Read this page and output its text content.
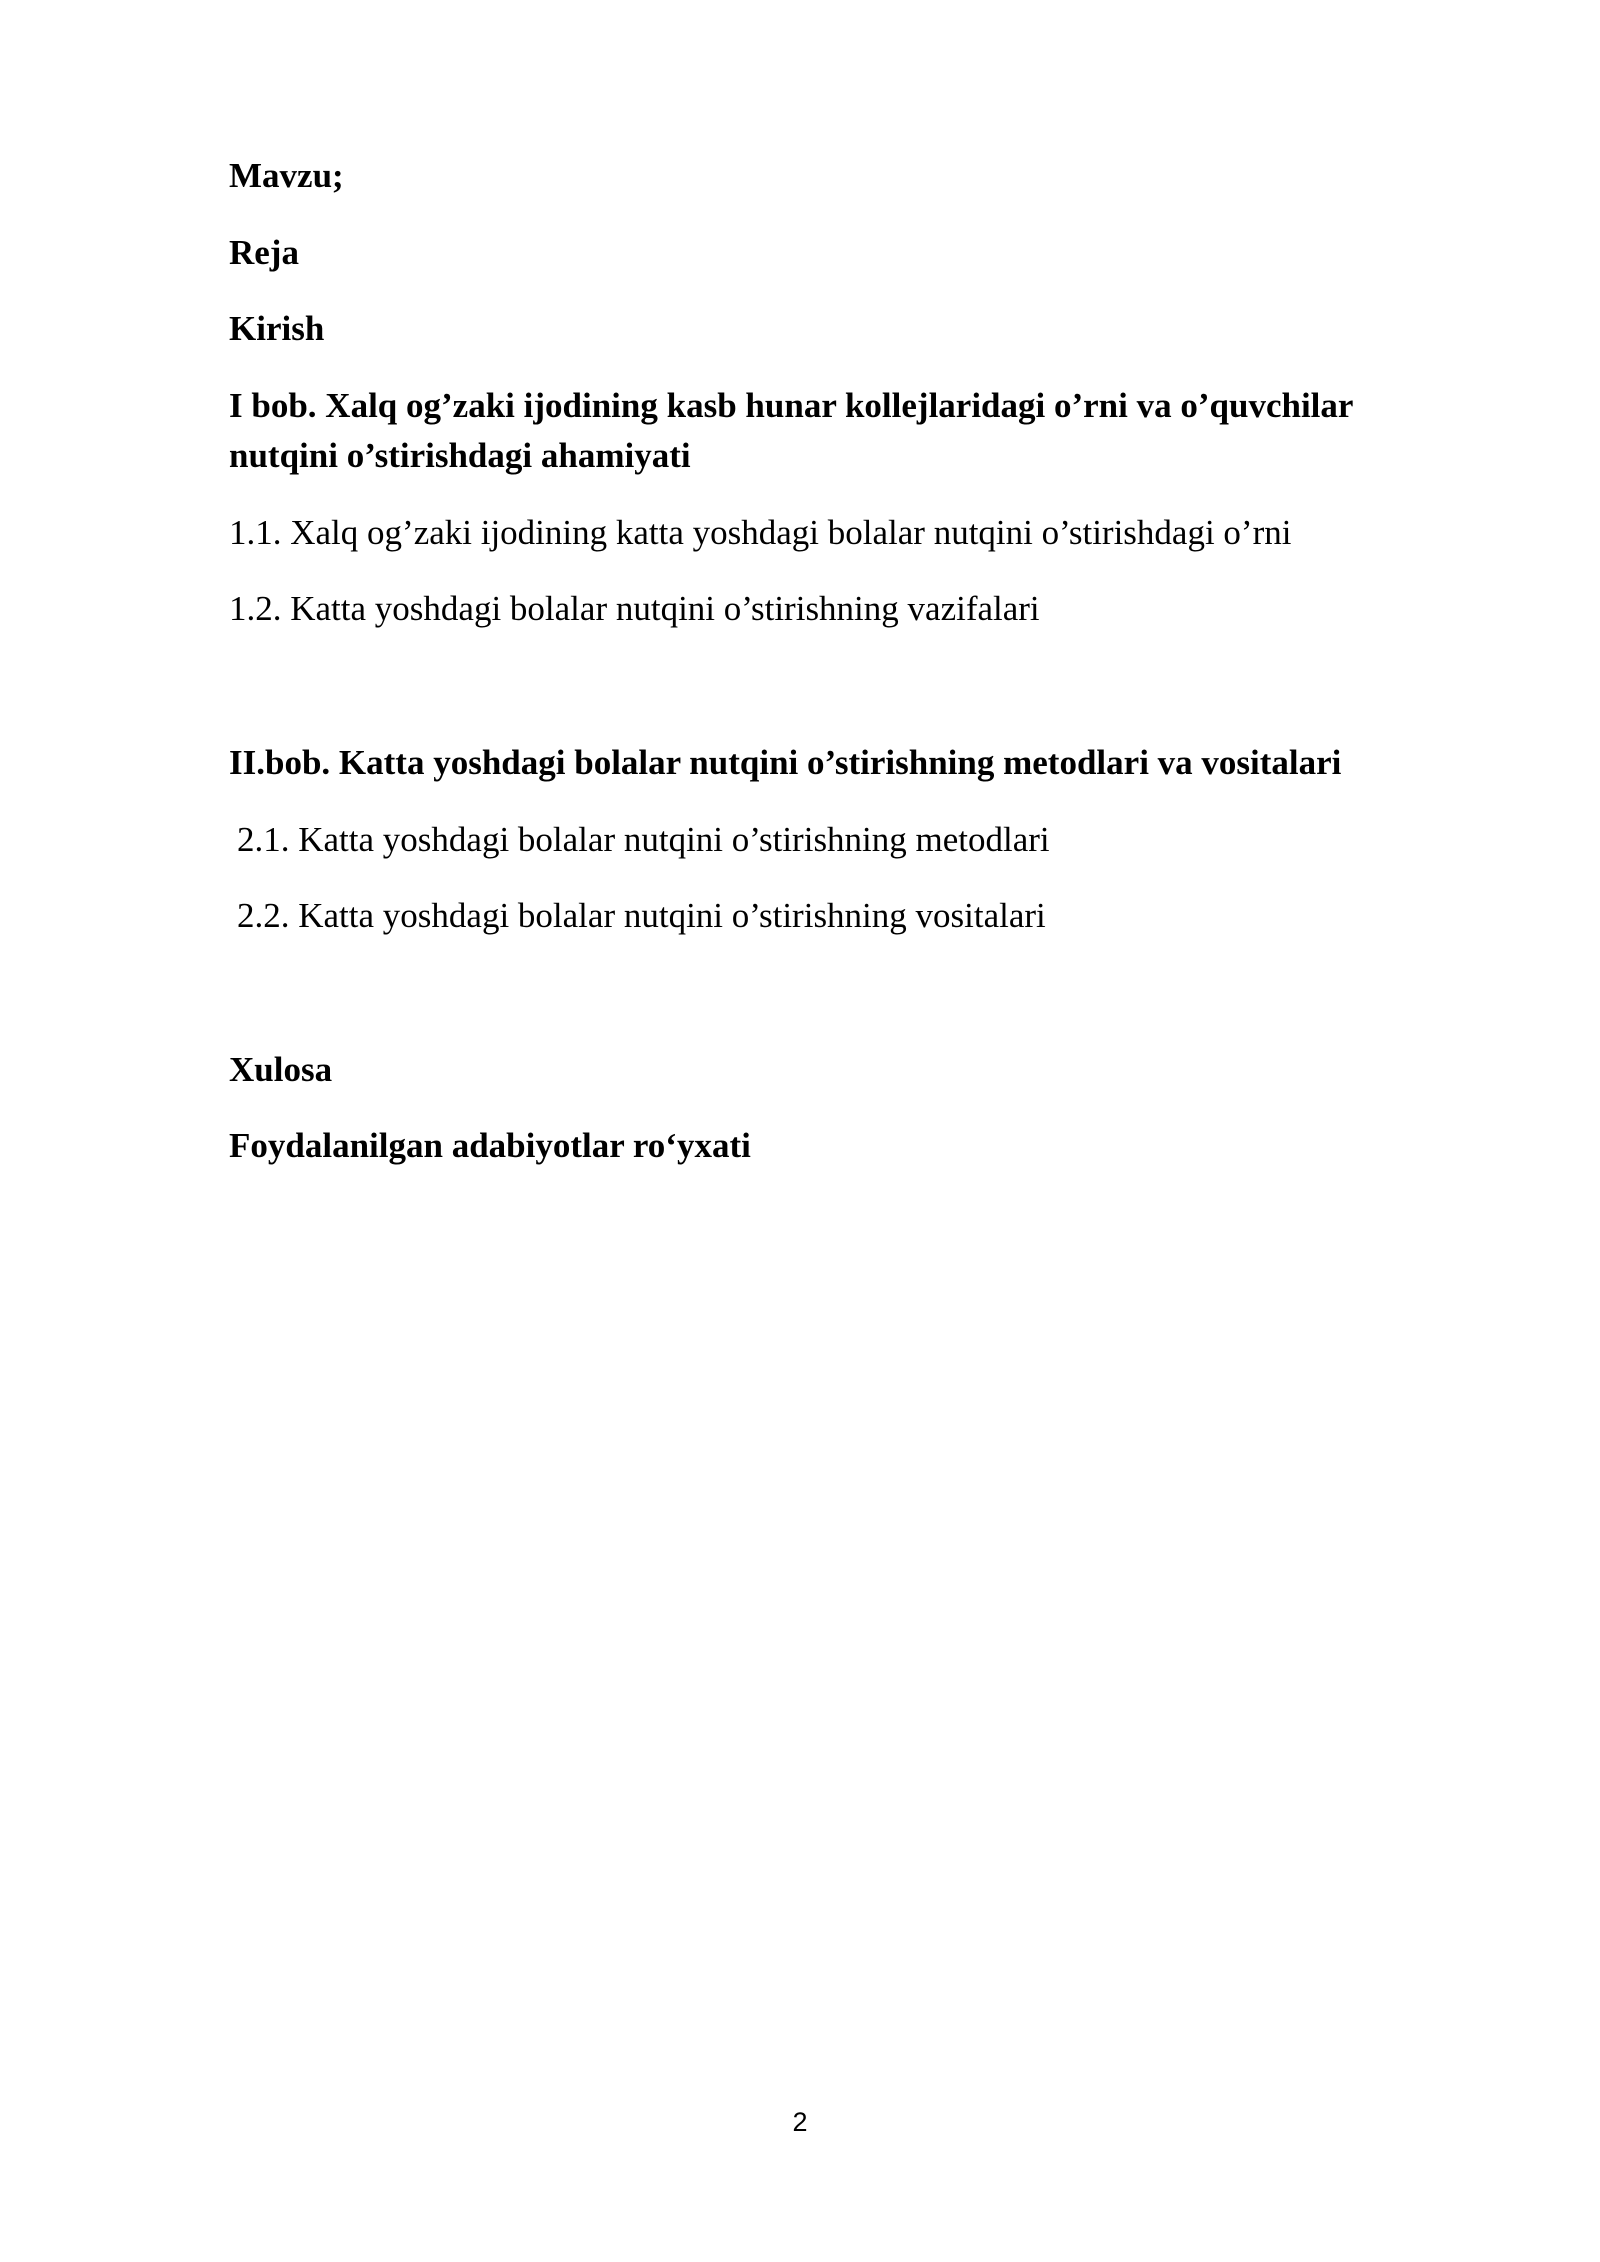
Mavzu;

Reja

Kirish

I bob. Xalq og’zaki ijodining kasb hunar kollejlaridagi o’rni va o’quvchilar

nutqini o’stirishdagi ahamiyati

1.1. Xalq og’zaki ijodining katta yoshdagi bolalar nutqini o’stirishdagi o’rni

1.2. Katta yoshdagi bolalar nutqini o’stirishning vazifalari

II.bob. Katta yoshdagi bolalar nutqini o’stirishning metodlari va vositalari

2.1. Katta yoshdagi bolalar nutqini o’stirishning metodlari

2.2. Katta yoshdagi bolalar nutqini o’stirishning vositalari

Xulosa

Foydalanilgan adabiyotlar ro‘yxati

2
